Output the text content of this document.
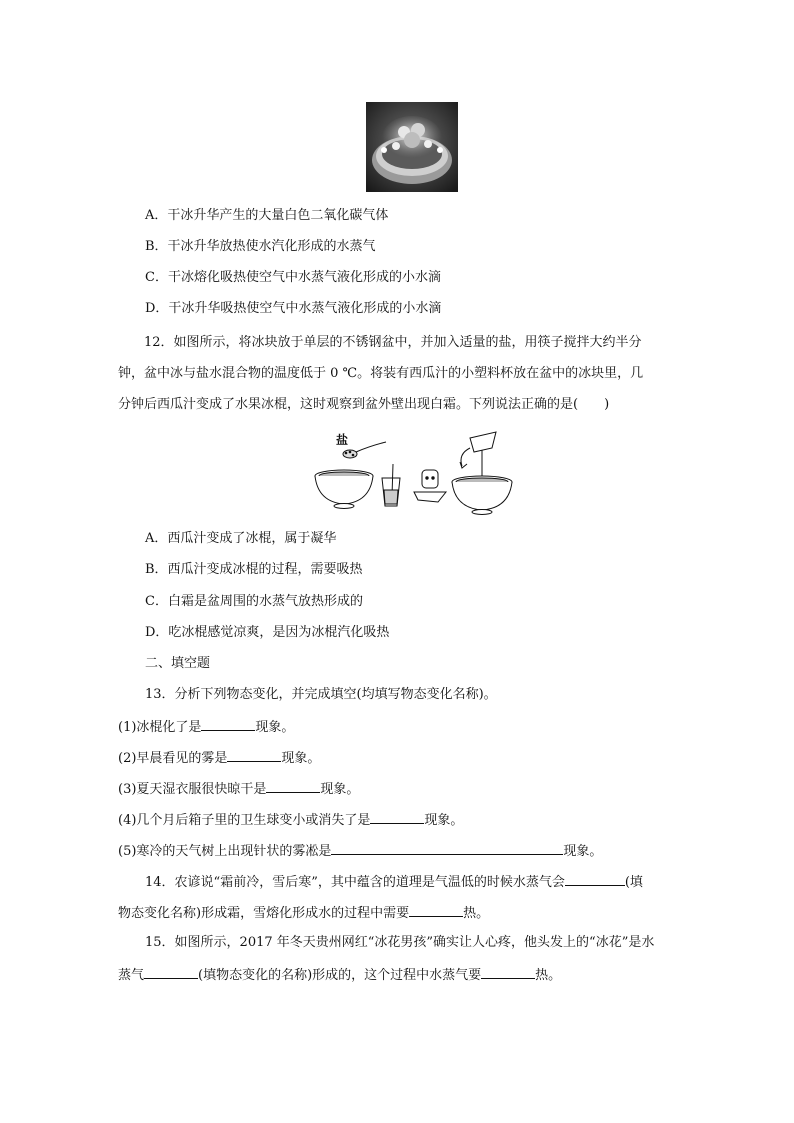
A．干冰升华产生的大量白色二氧化碳气体
B．干冰升华放热使水汽化形成的水蒸气
C．干冰熔化吸热使空气中水蒸气液化形成的小水滴
D．干冰升华吸热使空气中水蒸气液化形成的小水滴
12．如图所示，将冰块放于单层的不锈钢盆中，并加入适量的盐，用筷子搅拌大约半分
钟，盆中冰与盐水混合物的温度低于 0 ℃。将装有西瓜汁的小塑料杯放在盆中的冰块里，几
分钟后西瓜汁变成了水果冰棍，这时观察到盆外壁出现白霜。下列说法正确的是(　　)
盐
A．西瓜汁变成了冰棍，属于凝华
B．西瓜汁变成冰棍的过程，需要吸热
C．白霜是盆周围的水蒸气放热形成的
D．吃冰棍感觉凉爽，是因为冰棍汽化吸热
二、填空题
13．分析下列物态变化，并完成填空(均填写物态变化名称)。
(1)冰棍化了是	现象。
(2)早晨看见的雾是	现象。
(3)夏天湿衣服很快晾干是	现象。
(4)几个月后箱子里的卫生球变小或消失了是	现象。
(5)寒冷的天气树上出现针状的雾凇是	现象。
14．农谚说“霜前冷，雪后寒”，其中蕴含的道理是气温低的时候水蒸气会	(填
物态变化名称)形成霜，雪熔化形成水的过程中需要	热。
15．如图所示，2017 年冬天贵州网红“冰花男孩”确实让人心疼，他头发上的“冰花”是水
蒸气	(填物态变化的名称)形成的，这个过程中水蒸气要	热。
